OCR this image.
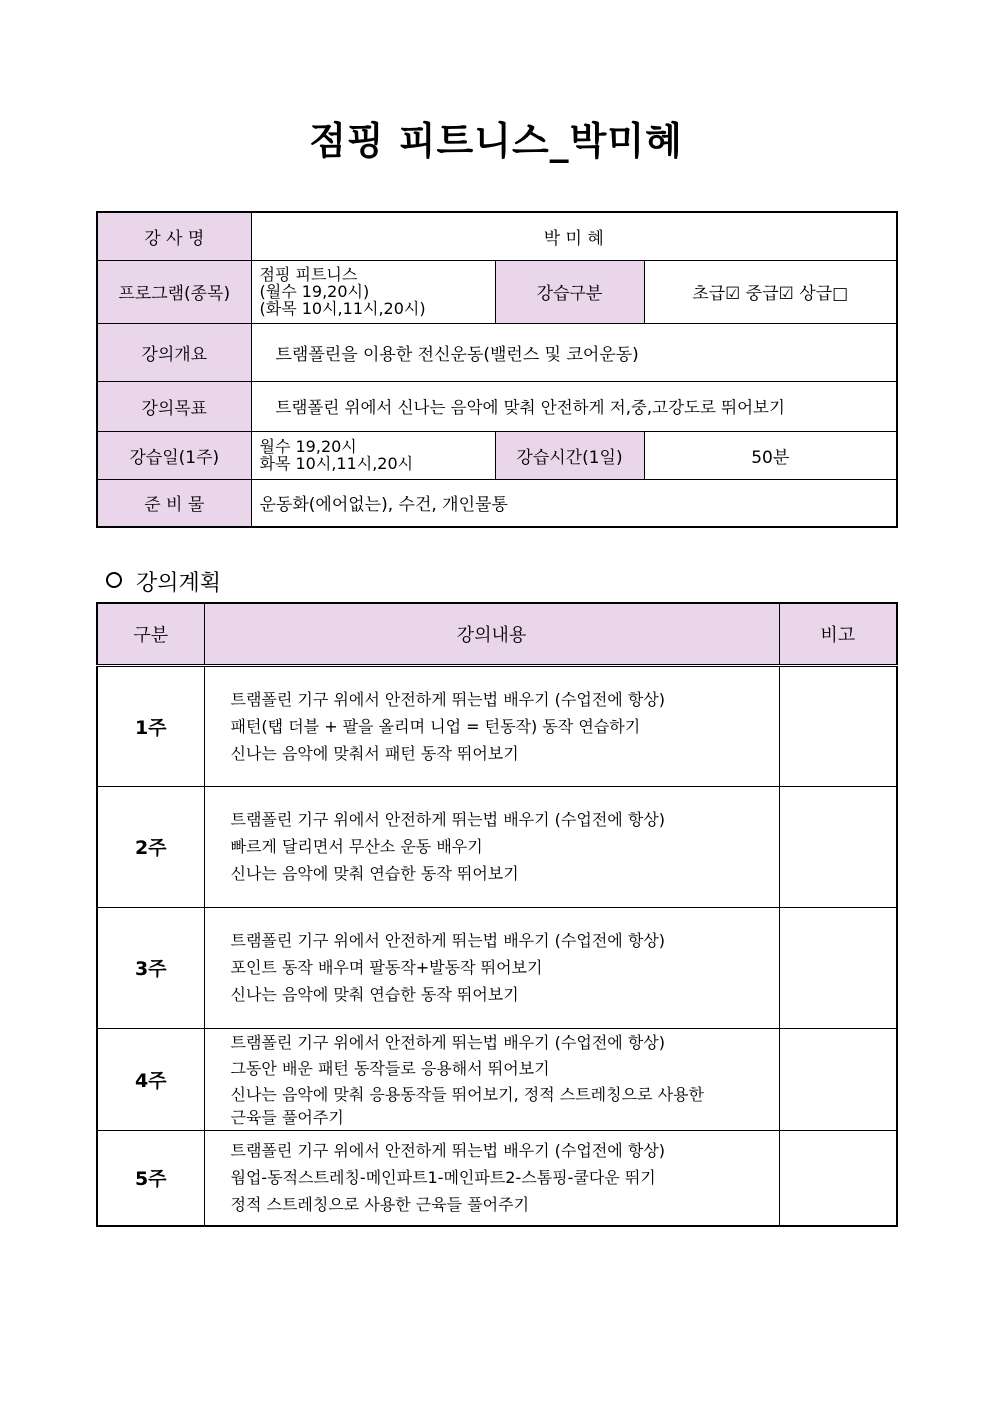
점핑 피트니스_박미혜
강 사 명	박 미 혜		
프로그램(종목)	점핑 피트니스
(월수 19,20시)
(화목 10시,11시,20시)	강습구분	초급☑ 중급☑ 상급□
강의개요	트램폴린을 이용한 전신운동(밸런스 및 코어운동)		
강의목표	트램폴린 위에서 신나는 음악에 맞춰 안전하게 저,중,고강도로 뛰어보기		
강습일(1주)	월수 19,20시
화목 10시,11시,20시	강습시간(1일)	50분
준 비 물	운동화(에어없는), 수건, 개인물통		
강의계획
구분	강의내용	비고
1주	트램폴린 기구 위에서 안전하게 뛰는법 배우기 (수업전에 항상)
패턴(탭 더블 + 팔을 올리며 니업 = 턴동작) 동작 연습하기
신나는 음악에 맞춰서 패턴 동작 뛰어보기	

2주	트램폴린 기구 위에서 안전하게 뛰는법 배우기 (수업전에 항상)
빠르게 달리면서 무산소 운동 배우기
신나는 음악에 맞춰 연습한 동작 뛰어보기	

3주	트램폴린 기구 위에서 안전하게 뛰는법 배우기 (수업전에 항상)
포인트 동작 배우며 팔동작+발동작 뛰어보기
신나는 음악에 맞춰 연습한 동작 뛰어보기	

4주	트램폴린 기구 위에서 안전하게 뛰는법 배우기 (수업전에 항상)
그동안 배운 패턴 동작들로 응용해서 뛰어보기
신나는 음악에 맞춰 응용동작들 뛰어보기, 정적 스트레칭으로 사용한
근육들 풀어주기	

5주	트램폴린 기구 위에서 안전하게 뛰는법 배우기 (수업전에 항상)
웜업-동적스트레칭-메인파트1-메인파트2-스톰핑-쿨다운 뛰기
정적 스트레칭으로 사용한 근육들 풀어주기	
